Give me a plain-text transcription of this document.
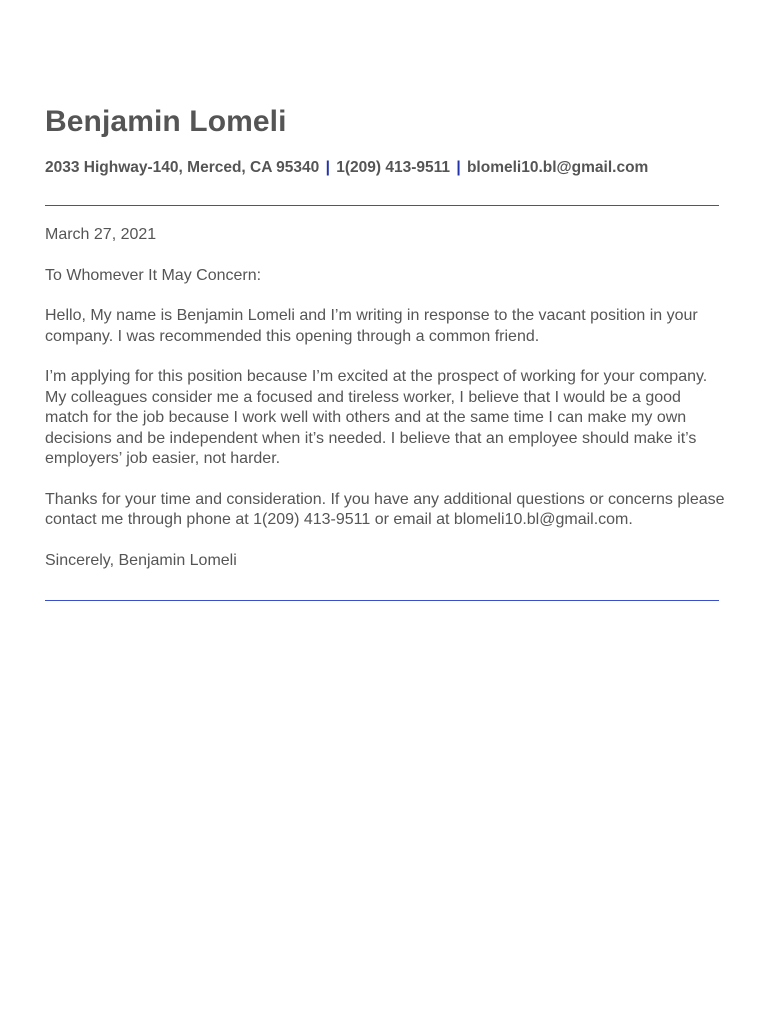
Benjamin Lomeli
2033 Highway-140, Merced, CA 95340 | 1(209) 413-9511 | blomeli10.bl@gmail.com
March 27, 2021
To Whomever It May Concern:
Hello, My name is Benjamin Lomeli and I’m writing in response to the vacant position in your company. I was recommended this opening through a common friend.
I’m applying for this position because I’m excited at the prospect of working for your company. My colleagues consider me a focused and tireless worker, I believe that I would be a good match for the job because I work well with others and at the same time I can make my own decisions and be independent when it’s needed. I believe that an employee should make it’s employers’ job easier, not harder.
Thanks for your time and consideration. If you have any additional questions or concerns please contact me through phone at 1(209) 413-9511 or email at blomeli10.bl@gmail.com.
Sincerely, Benjamin Lomeli
